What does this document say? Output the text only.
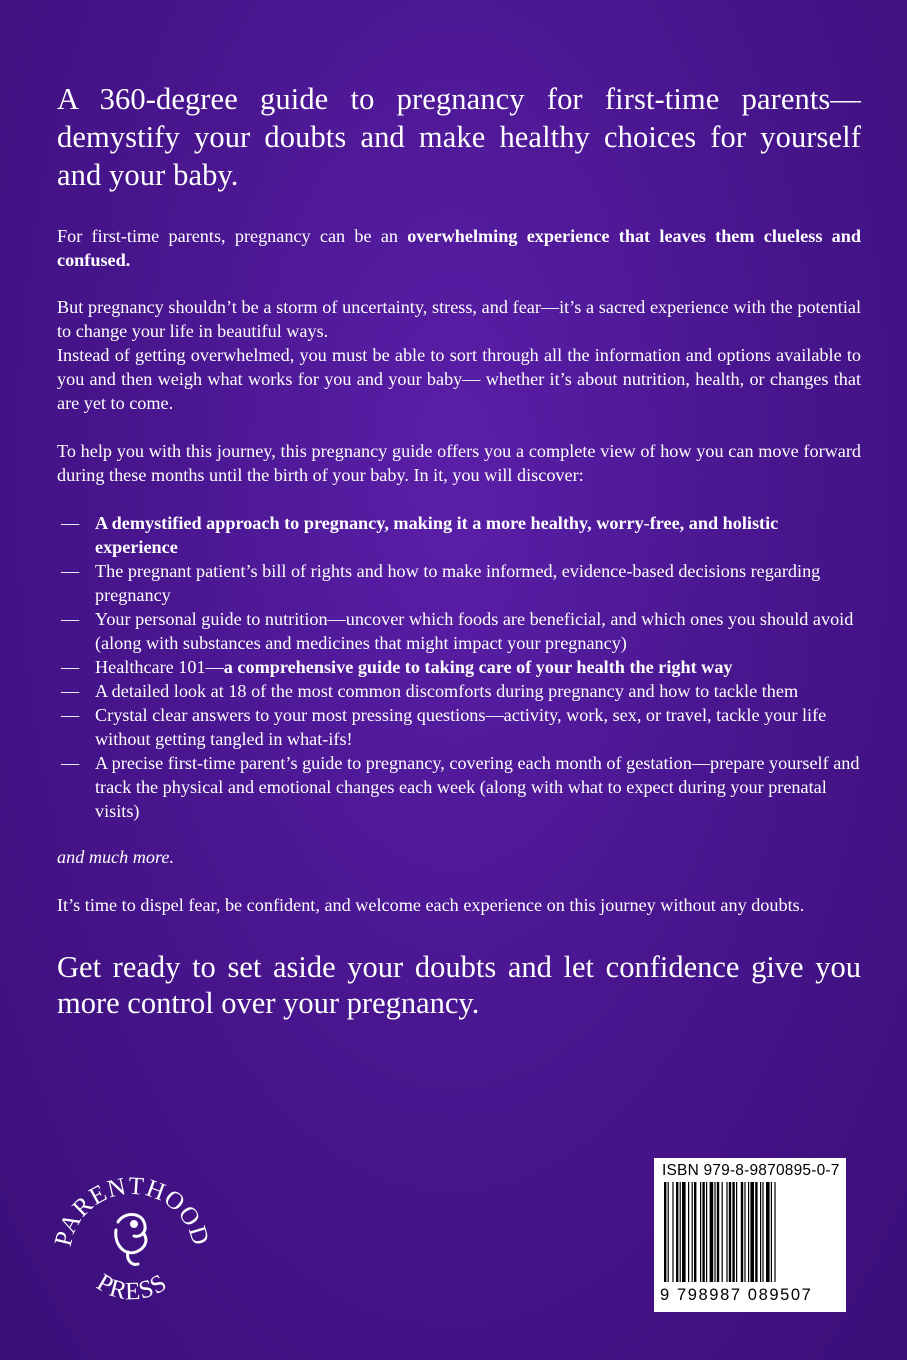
A 360-degree guide to pregnancy for first-time parents—demystify your doubts and make healthy choices for yourself and your baby.

For first-time parents, pregnancy can be an overwhelming experience that leaves them clueless and confused.

But pregnancy shouldn’t be a storm of uncertainty, stress, and fear—it’s a sacred experience with the potential to change your life in beautiful ways.

Instead of getting overwhelmed, you must be able to sort through all the information and options available to you and then weigh what works for you and your baby— whether it’s about nutrition, health, or changes that are yet to come.

To help you with this journey, this pregnancy guide offers you a complete view of how you can move forward during these months until the birth of your baby. In it, you will discover:

— A demystified approach to pregnancy, making it a more healthy, worry-free, and holistic experience
— The pregnant patient’s bill of rights and how to make informed, evidence-based decisions regarding pregnancy
— Your personal guide to nutrition—uncover which foods are beneficial, and which ones you should avoid (along with substances and medicines that might impact your pregnancy)
— Healthcare 101—a comprehensive guide to taking care of your health the right way
— A detailed look at 18 of the most common discomforts during pregnancy and how to tackle them
— Crystal clear answers to your most pressing questions—activity, work, sex, or travel, tackle your life without getting tangled in what-ifs!
— A precise first-time parent’s guide to pregnancy, covering each month of gestation—prepare yourself and track the physical and emotional changes each week (along with what to expect during your prenatal visits)
and much more.

It’s time to dispel fear, be confident, and welcome each experience on this journey without any doubts.

Get ready to set aside your doubts and let confidence give you more control over your pregnancy.

PARENTHOOD
PRESS
ISBN 979-8-9870895-0-7
9 798987 089507
